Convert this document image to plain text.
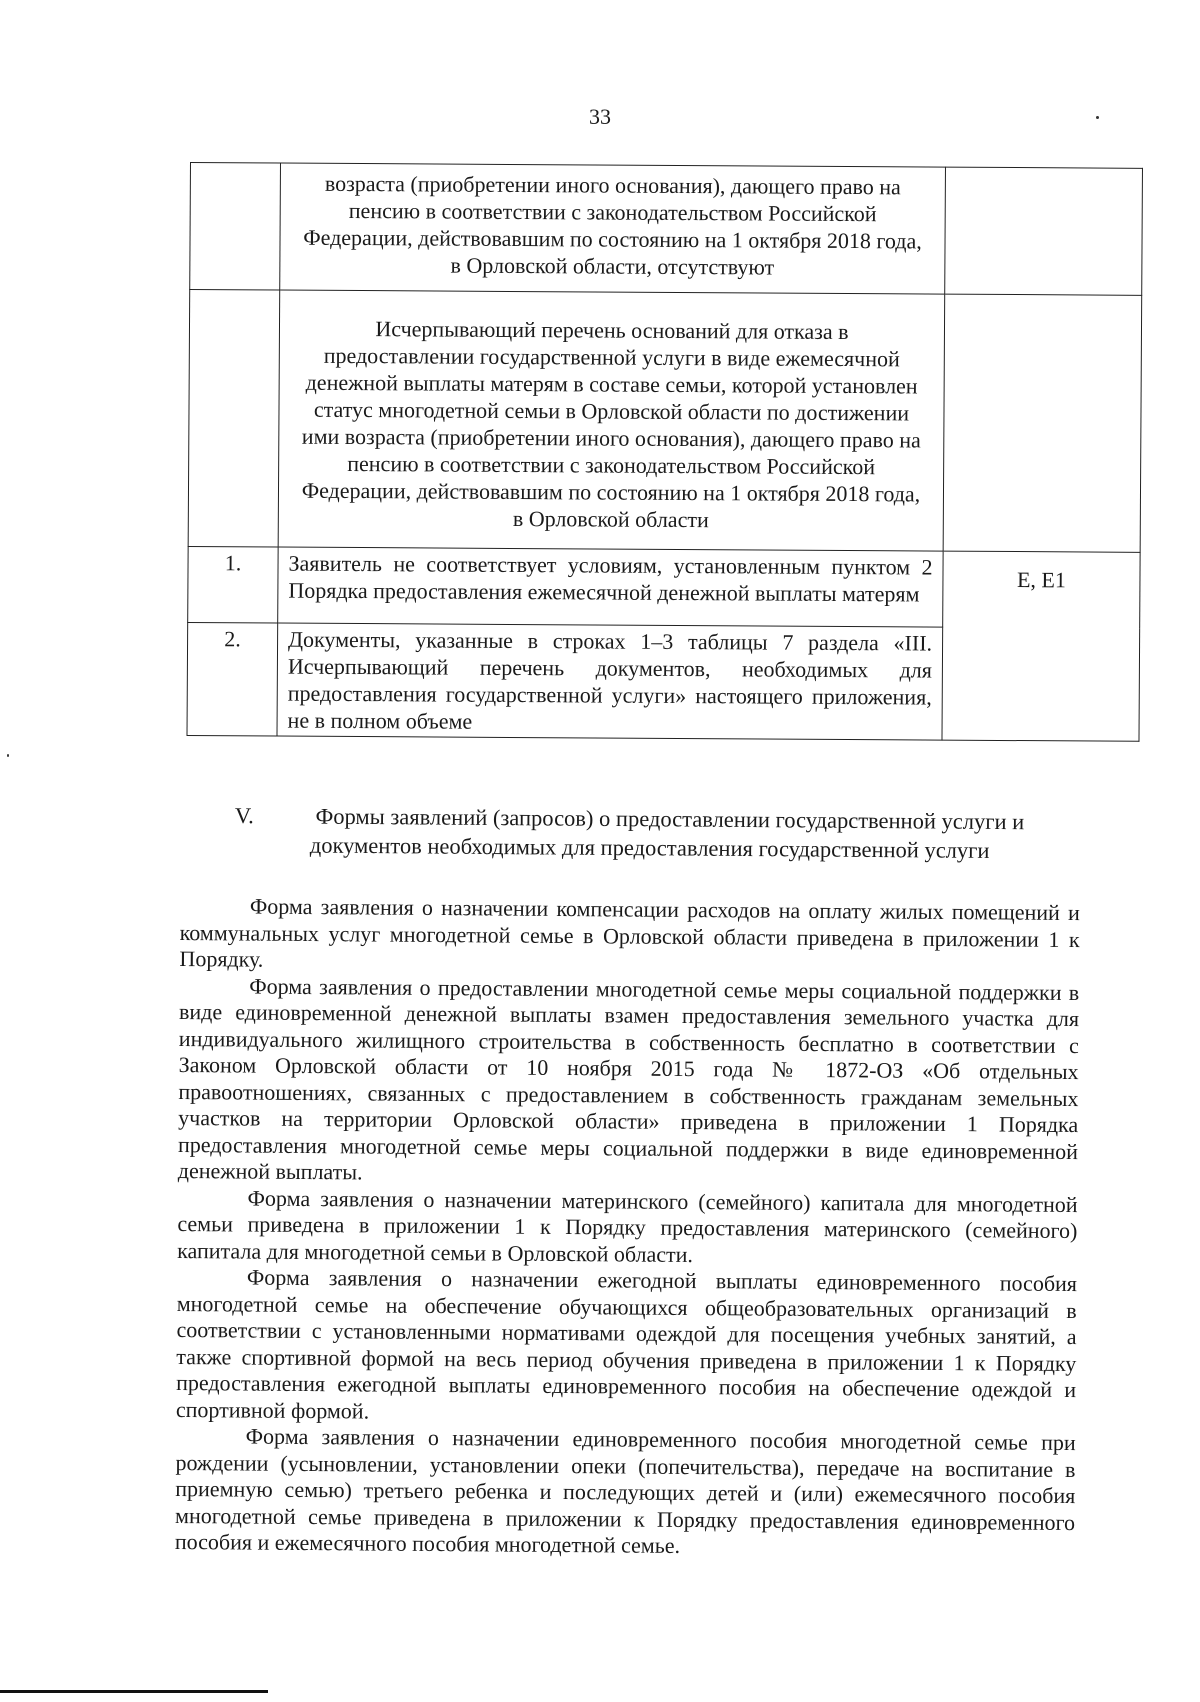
33
	возраста (приобретении иного основания), дающего право на пенсию в соответствии с законодательством Российской Федерации, действовавшим по состоянию на 1 октября 2018 года, в Орловской области, отсутствуют	
	Исчерпывающий перечень оснований для отказа в предоставлении государственной услуги в виде ежемесячной денежной выплаты матерям в составе семьи, которой установлен статус многодетной семьи в Орловской области по достижении ими возраста (приобретении иного основания), дающего право на пенсию в соответствии с законодательством Российской Федерации, действовавшим по состоянию на 1 октября 2018 года, в Орловской области	
1.	Заявитель не соответствует условиям, установленным пунктом 2 Порядка предоставления ежемесячной денежной выплаты матерям	Е, Е1
2.	Документы, указанные в строках 1–3 таблицы 7 раздела «III. Исчерпывающий перечень документов, необходимых для предоставления государственной услуги» настоящего приложения, не в полном объеме	
V.	Формы заявлений (запросов) о предоставлении государственной услуги и
документов необходимых для предоставления государственной услуги

Форма заявления о назначении компенсации расходов на оплату жилых помещений и коммунальных услуг многодетной семье в Орловской области приведена в приложении 1 к Порядку.

Форма заявления о предоставлении многодетной семье меры социальной поддержки в виде единовременной денежной выплаты взамен предоставления земельного участка для индивидуального жилищного строительства в собственность бесплатно в соответствии с Законом Орловской области от 10 ноября 2015 года № 1872-ОЗ «Об отдельных правоотношениях, связанных с предоставлением в собственность гражданам земельных участков на территории Орловской области» приведена в приложении 1 Порядка предоставления многодетной семье меры социальной поддержки в виде единовременной денежной выплаты.

Форма заявления о назначении материнского (семейного) капитала для многодетной семьи приведена в приложении 1 к Порядку предоставления материнского (семейного) капитала для многодетной семьи в Орловской области.

Форма заявления о назначении ежегодной выплаты единовременного пособия многодетной семье на обеспечение обучающихся общеобразовательных организаций в соответствии с установленными нормативами одеждой для посещения учебных занятий, а также спортивной формой на весь период обучения приведена в приложении 1 к Порядку предоставления ежегодной выплаты единовременного пособия на обеспечение одеждой и спортивной формой.

Форма заявления о назначении единовременного пособия многодетной семье при рождении (усыновлении, установлении опеки (попечительства), передаче на воспитание в приемную семью) третьего ребенка и последующих детей и (или) ежемесячного пособия многодетной семье приведена в приложении к Порядку предоставления единовременного пособия и ежемесячного пособия многодетной семье.
